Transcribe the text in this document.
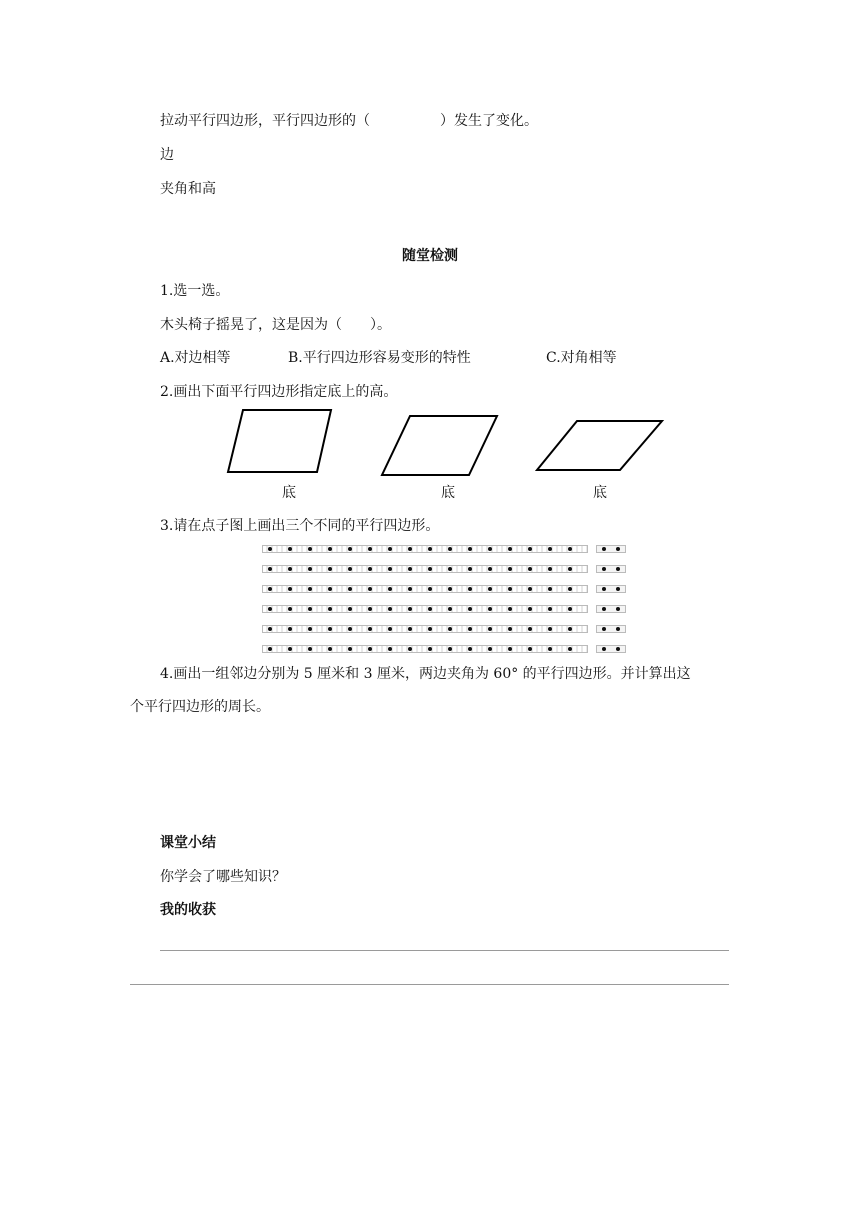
拉动平行四边形，平行四边形的（　　　　　）发生了变化。
边
夹角和高
随堂检测
1.选一选。
木头椅子摇晃了，这是因为（　　）。
A.对边相等	B.平行四边形容易变形的特性	C.对角相等
2.画出下面平行四边形指定底上的高。
底	底	底
3.请在点子图上画出三个不同的平行四边形。
4.画出一组邻边分别为 5 厘米和 3 厘米，两边夹角为 60° 的平行四边形。并计算出这
个平行四边形的周长。
课堂小结
你学会了哪些知识？
我的收获
